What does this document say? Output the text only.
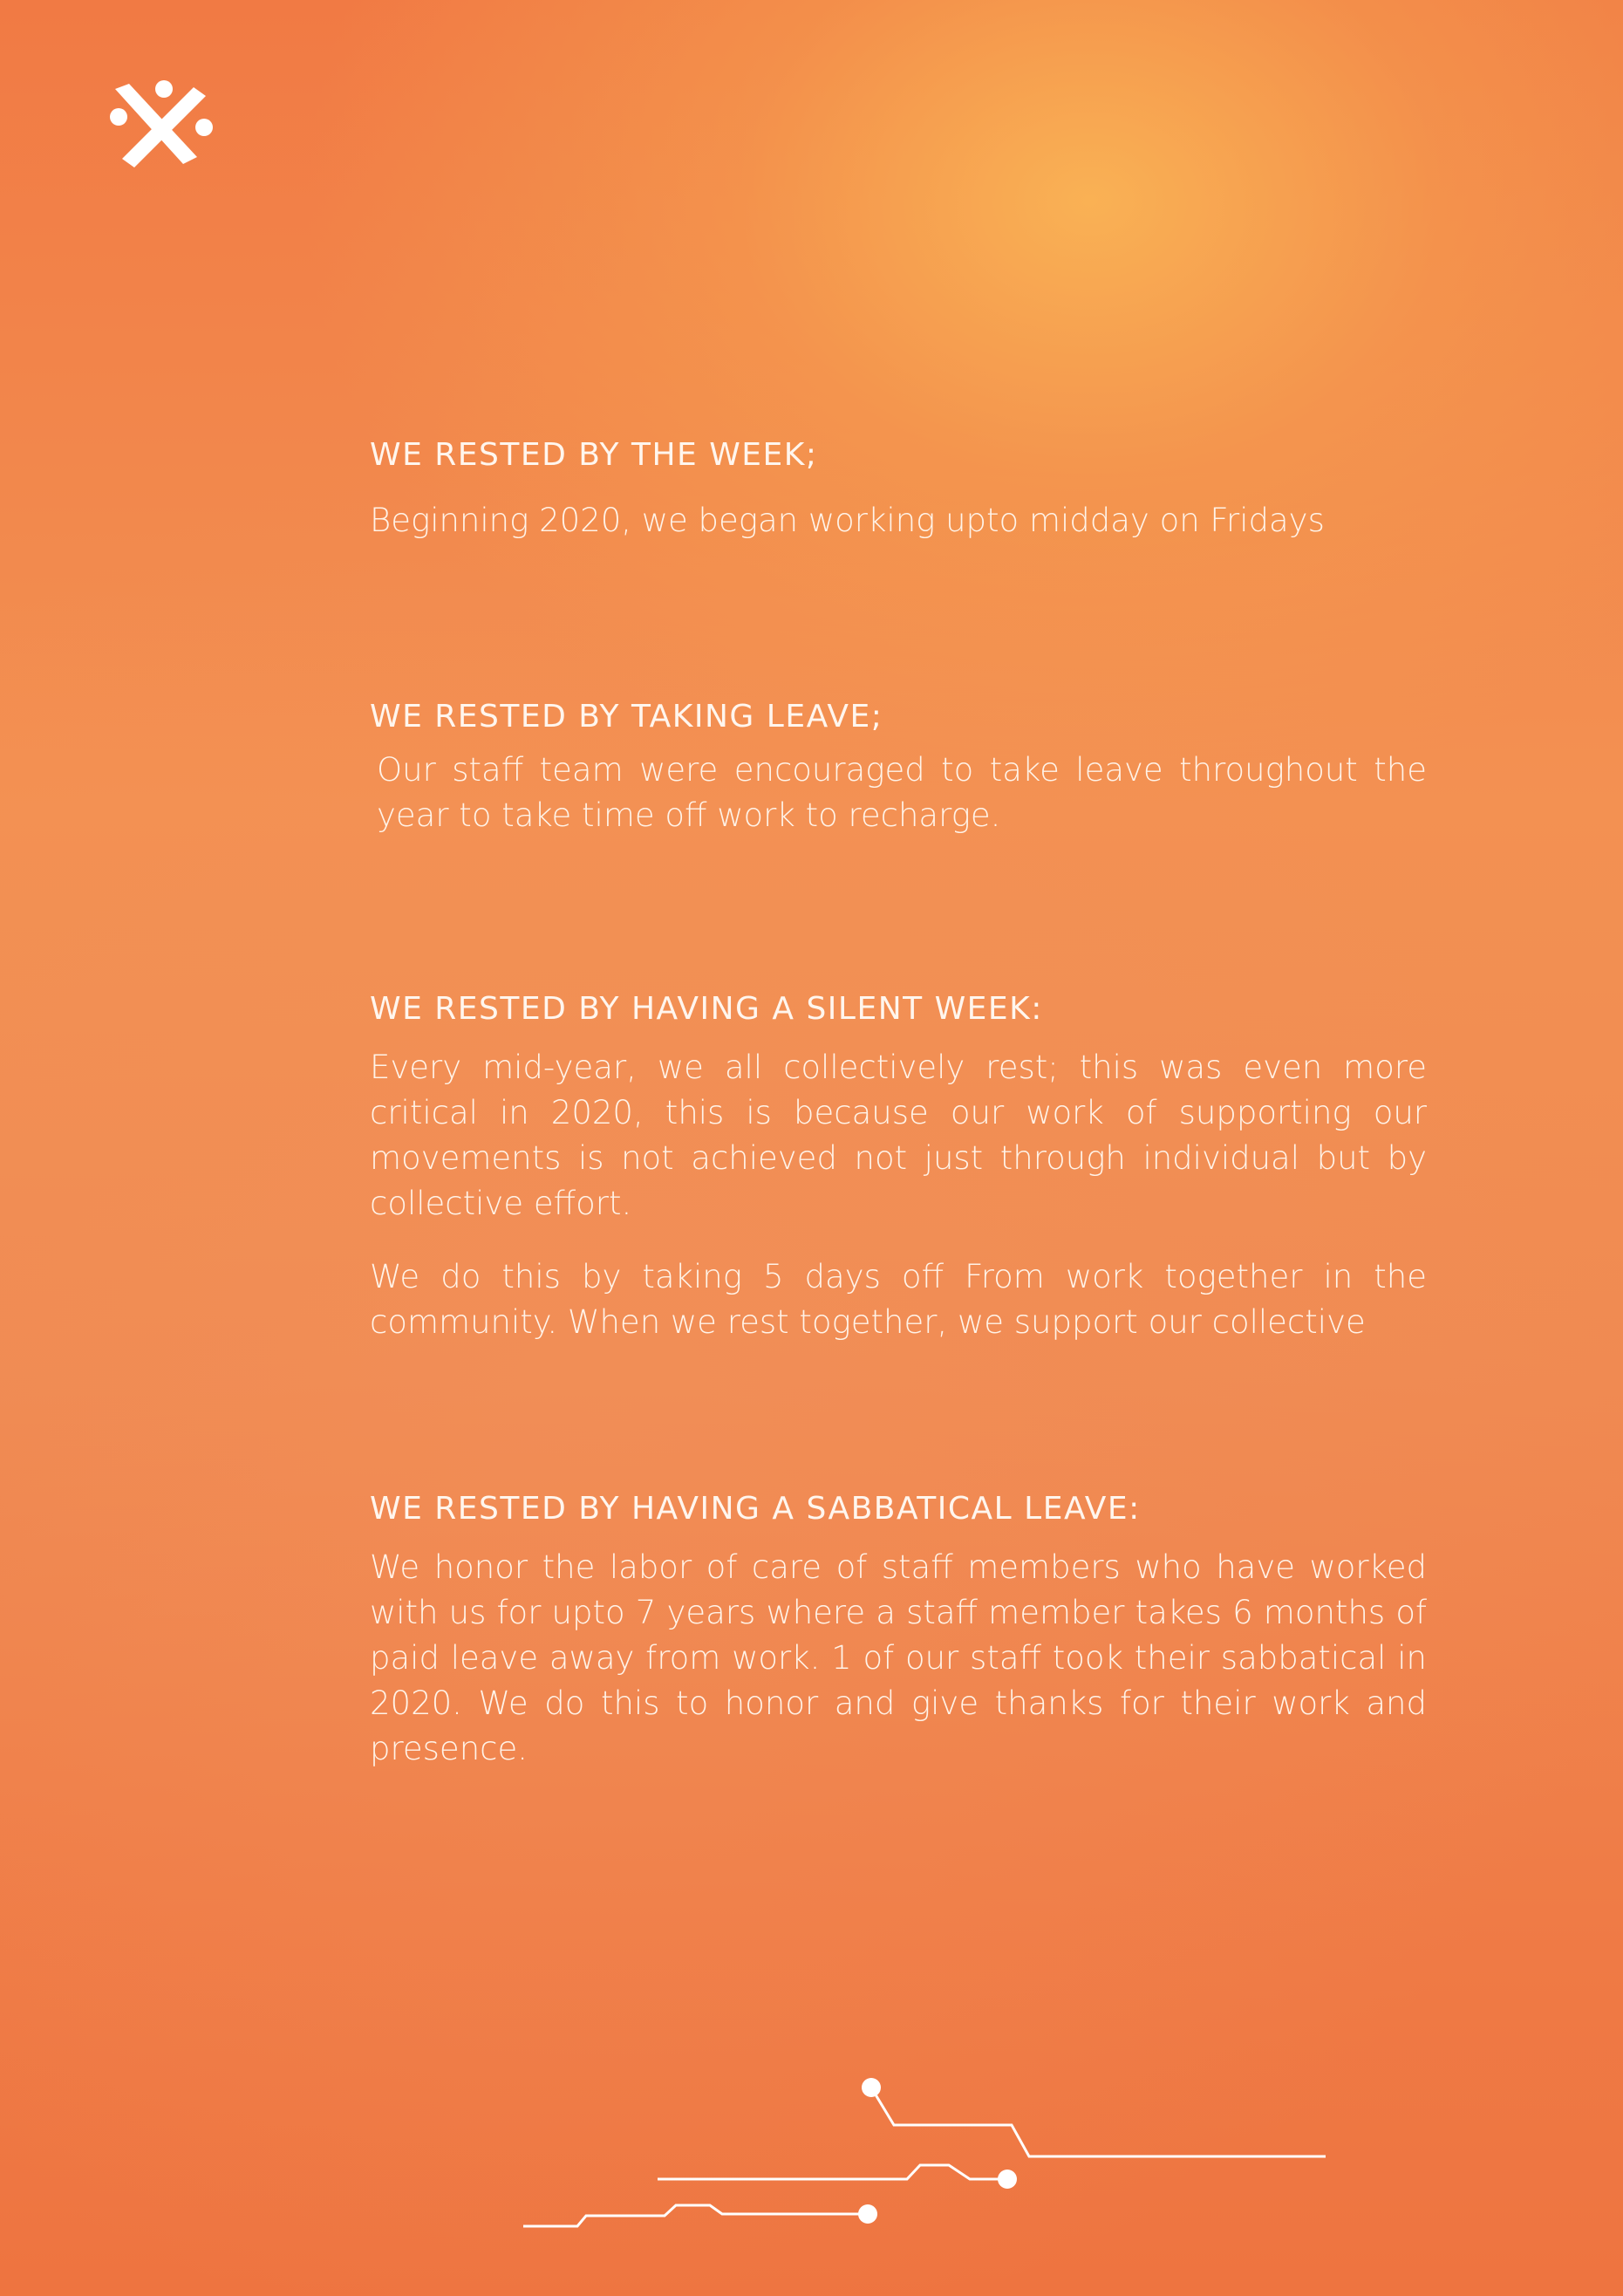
WE RESTED BY THE WEEK;

Beginning 2020, we began working upto midday on Fridays

WE RESTED BY TAKING LEAVE;

Our staff team were encouraged to take leave throughout the year to take time off work to recharge.

WE RESTED BY HAVING A SILENT WEEK:

Every mid-year, we all collectively rest; this was even more critical in 2020, this is because our work of supporting our movements is not achieved not just through individual but by collective effort.

We do this by taking 5 days off From work together in the community. When we rest together, we support our collective

WE RESTED BY HAVING A SABBATICAL LEAVE:

We honor the labor of care of staff members who have worked with us for upto 7 years where a staff member takes 6 months of paid leave away from work. 1 of our staff took their sabbatical in 2020. We do this to honor and give thanks for their work and presence.
